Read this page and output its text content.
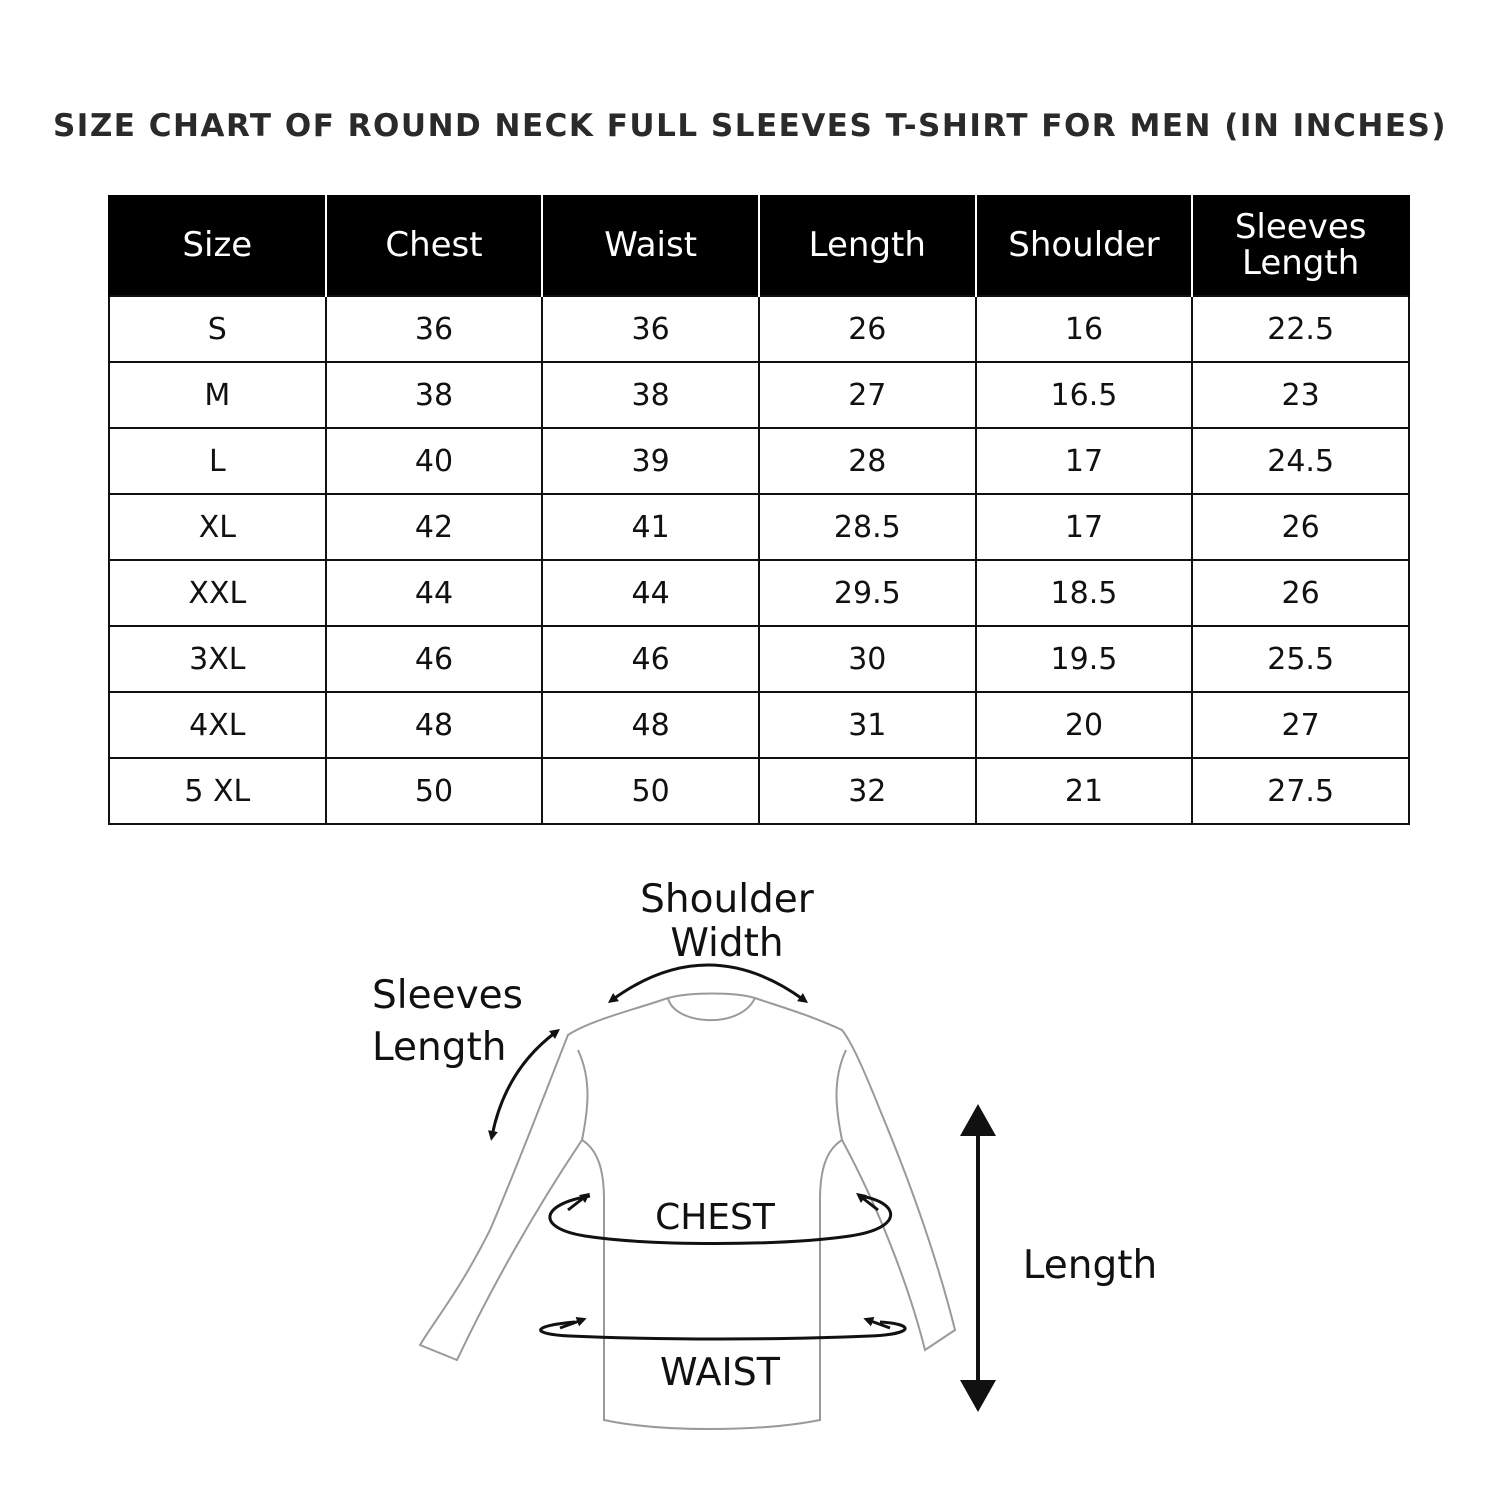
SIZE CHART OF ROUND NECK FULL SLEEVES T-SHIRT FOR MEN (IN INCHES)
Size	Chest	Waist	Length	Shoulder	Sleeves Length
S	36	36	26	16	22.5
M	38	38	27	16.5	23
L	40	39	28	17	24.5
XL	42	41	28.5	17	26
XXL	44	44	29.5	18.5	26
3XL	46	46	30	19.5	25.5
4XL	48	48	31	20	27
5 XL	50	50	32	21	27.5
Shoulder
Width
Sleeves
Length
CHEST
WAIST
Length
